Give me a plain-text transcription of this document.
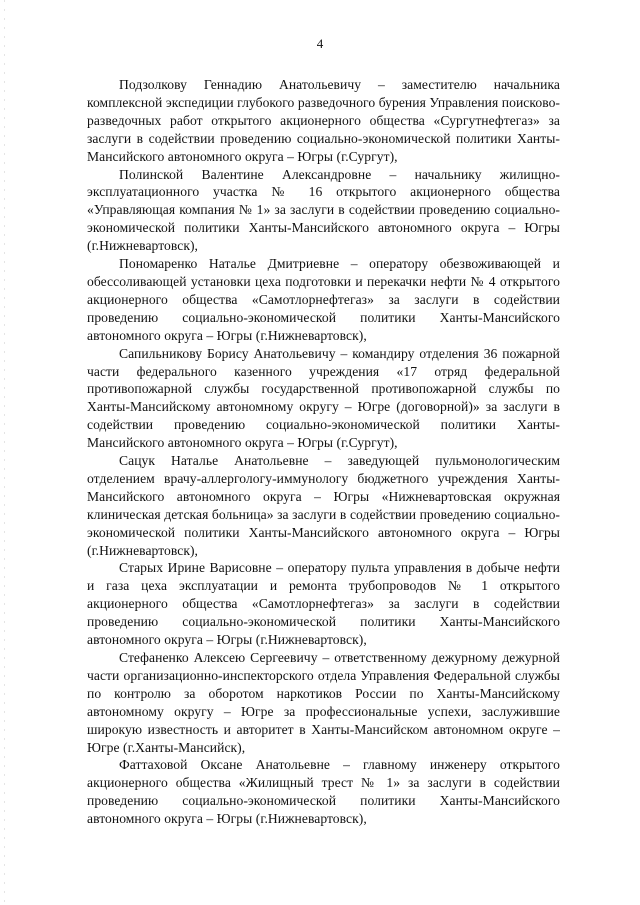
4

Подзолкову Геннадию Анатольевичу – заместителю начальника комплексной экспедиции глубокого разведочного бурения Управления поисково-разведочных работ открытого акционерного общества «Сургутнефтегаз» за заслуги в содействии проведению социально-экономической политики Ханты-Мансийского автономного округа – Югры (г.Сургут),

Полинской Валентине Александровне – начальнику жилищно-эксплуатационного участка № 16 открытого акционерного общества «Управляющая компания № 1» за заслуги в содействии проведению социально-экономической политики Ханты-Мансийского автономного округа – Югры (г.Нижневартовск),

Пономаренко Наталье Дмитриевне – оператору обезвоживающей и обессоливающей установки цеха подготовки и перекачки нефти № 4 открытого акционерного общества «Самотлорнефтегаз» за заслуги в содействии проведению социально-экономической политики Ханты-Мансийского автономного округа – Югры (г.Нижневартовск),

Сапильникову Борису Анатольевичу – командиру отделения 36 пожарной части федерального казенного учреждения «17 отряд федеральной противопожарной службы государственной противопожарной службы по Ханты-Мансийскому автономному округу – Югре (договорной)» за заслуги в содействии проведению социально-экономической политики Ханты-Мансийского автономного округа – Югры (г.Сургут),

Сацук Наталье Анатольевне – заведующей пульмонологическим отделением врачу-аллергологу-иммунологу бюджетного учреждения Ханты-Мансийского автономного округа – Югры «Нижневартовская окружная клиническая детская больница» за заслуги в содействии проведению социально-экономической политики Ханты-Мансийского автономного округа – Югры (г.Нижневартовск),

Старых Ирине Варисовне – оператору пульта управления в добыче нефти и газа цеха эксплуатации и ремонта трубопроводов № 1 открытого акционерного общества «Самотлорнефтегаз» за заслуги в содействии проведению социально-экономической политики Ханты-Мансийского автономного округа – Югры (г.Нижневартовск),

Стефаненко Алексею Сергеевичу – ответственному дежурному дежурной части организационно-инспекторского отдела Управления Федеральной службы по контролю за оборотом наркотиков России по Ханты-Мансийскому автономному округу – Югре за профессиональные успехи, заслужившие широкую известность и авторитет в Ханты-Мансийском автономном округе – Югре (г.Ханты-Мансийск),

Фаттаховой Оксане Анатольевне – главному инженеру открытого акционерного общества «Жилищный трест № 1» за заслуги в содействии проведению социально-экономической политики Ханты-Мансийского автономного округа – Югры (г.Нижневартовск),
